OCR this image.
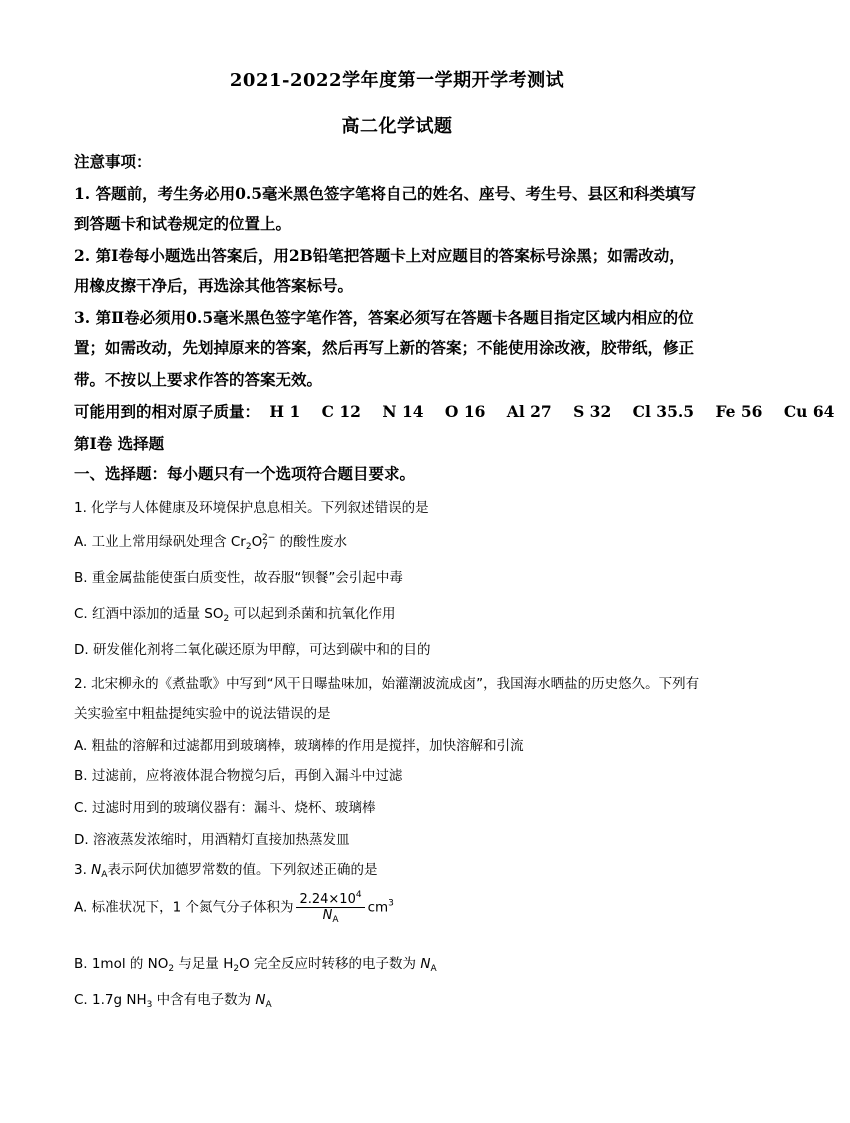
2021-2022学年度第一学期开学考测试
高二化学试题
注意事项：
1. 答题前，考生务必用0.5毫米黑色签字笔将自己的姓名、座号、考生号、县区和科类填写
到答题卡和试卷规定的位置上。
2. 第Ⅰ卷每小题选出答案后，用2B铅笔把答题卡上对应题目的答案标号涂黑；如需改动，
用橡皮擦干净后，再选涂其他答案标号。
3. 第Ⅱ卷必须用0.5毫米黑色签字笔作答，答案必须写在答题卡各题目指定区域内相应的位
置；如需改动，先划掉原来的答案，然后再写上新的答案；不能使用涂改液，胶带纸，修正
带。不按以上要求作答的答案无效。
可能用到的相对原子质量： H 1 C 12 N 14 O 16 Al 27 S 32 Cl 35.5 Fe 56 Cu 64
第Ⅰ卷 选择题
一、选择题：每小题只有一个选项符合题目要求。
1. 化学与人体健康及环境保护息息相关。下列叙述错误的是
A. 工业上常用绿矾处理含 $Cr_2O_7^{2-}$ 的酸性废水
B. 重金属盐能使蛋白质变性，故吞服“钡餐”会引起中毒
C. 红酒中添加的适量 $SO_2$ 可以起到杀菌和抗氧化作用
D. 研发催化剂将二氧化碳还原为甲醇，可达到碳中和的目的
2. 北宋柳永的《煮盐歌》中写到“风干日曝盐味加，始灌潮波流成卤”，我国海水晒盐的历史悠久。下列有
关实验室中粗盐提纯实验中的说法错误的是
A. 粗盐的溶解和过滤都用到玻璃棒，玻璃棒的作用是搅拌，加快溶解和引流
B. 过滤前，应将液体混合物搅匀后，再倒入漏斗中过滤
C. 过滤时用到的玻璃仪器有：漏斗、烧杯、玻璃棒
D. 溶液蒸发浓缩时，用酒精灯直接加热蒸发皿
3. $N_A$表示阿伏加德罗常数的值。下列叙述正确的是
A. 标准状况下，1 个氮气分子体积为 $\frac{2.24\times 10^4}{N_A} cm^3$
B. 1mol 的 $NO_2$ 与足量 $H_2O$ 完全反应时转移的电子数为 $N_A$
C. 1.7g $NH_3$ 中含有电子数为 $N_A$
